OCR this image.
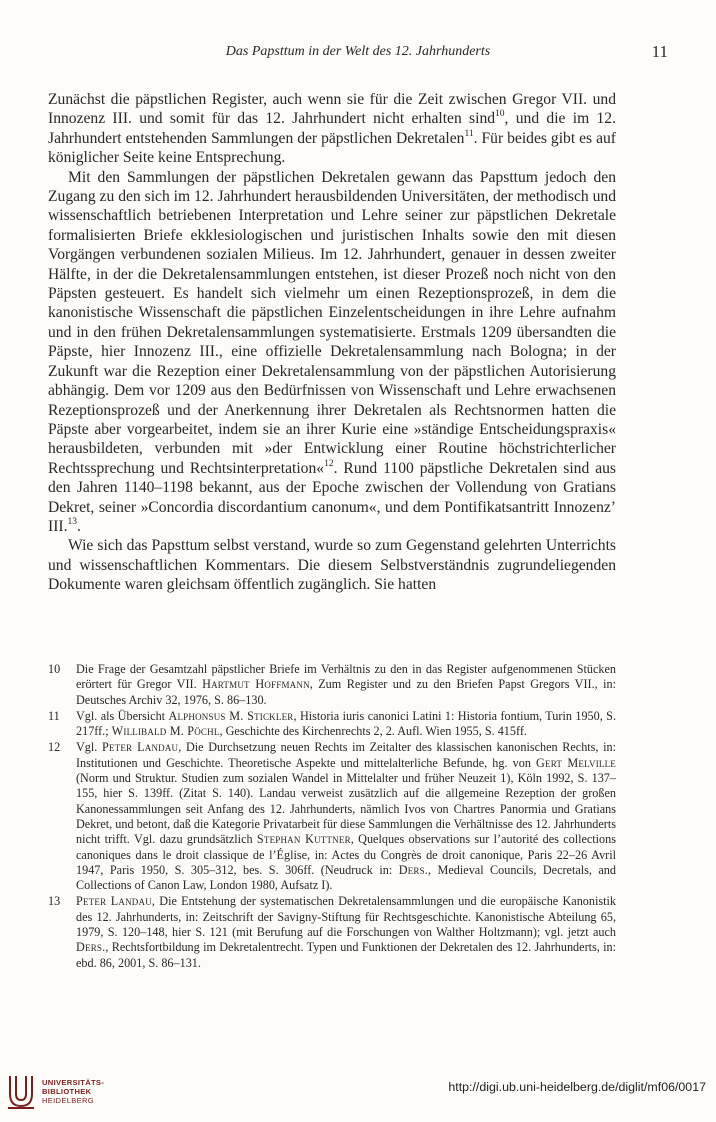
Das Papsttum in der Welt des 12. Jahrhunderts	11

Zunächst die päpstlichen Register, auch wenn sie für die Zeit zwischen Gregor VII. und Innozenz III. und somit für das 12. Jahrhundert nicht erhalten sind$^{10}$, und die im 12. Jahrhundert entstehenden Sammlungen der päpstlichen Dekretalen$^{11}$. Für beides gibt es auf königlicher Seite keine Entsprechung.

Mit den Sammlungen der päpstlichen Dekretalen gewann das Papsttum jedoch den Zugang zu den sich im 12. Jahrhundert herausbildenden Universitäten, der methodisch und wissenschaftlich betriebenen Interpretation und Lehre seiner zur päpstlichen Dekretale formalisierten Briefe ekklesiologischen und juristischen Inhalts sowie den mit diesen Vorgängen verbundenen sozialen Milieus. Im 12. Jahrhundert, genauer in dessen zweiter Hälfte, in der die Dekretalensammlungen entstehen, ist dieser Prozeß noch nicht von den Päpsten gesteuert. Es handelt sich vielmehr um einen Rezeptionsprozeß, in dem die kanonistische Wissenschaft die päpstlichen Einzelentscheidungen in ihre Lehre aufnahm und in den frühen Dekretalensammlungen systematisierte. Erstmals 1209 übersandten die Päpste, hier Innozenz III., eine offizielle Dekretalensammlung nach Bologna; in der Zukunft war die Rezeption einer Dekretalensammlung von der päpstlichen Autorisierung abhängig. Dem vor 1209 aus den Bedürfnissen von Wissenschaft und Lehre erwachsenen Rezeptionsprozeß und der Anerkennung ihrer Dekretalen als Rechtsnormen hatten die Päpste aber vorgearbeitet, indem sie an ihrer Kurie eine »ständige Entscheidungspraxis« herausbildeten, verbunden mit »der Entwicklung einer Routine höchstrichterlicher Rechtssprechung und Rechtsinterpretation«$^{12}$. Rund 1100 päpstliche Dekretalen sind aus den Jahren 1140–1198 bekannt, aus der Epoche zwischen der Vollendung von Gratians Dekret, seiner »Concordia discordantium canonum«, und dem Pontifikatsantritt Innozenz’ III.$^{13}$.

Wie sich das Papsttum selbst verstand, wurde so zum Gegenstand gelehrten Unterrichts und wissenschaftlichen Kommentars. Die diesem Selbstverständnis zugrundeliegenden Dokumente waren gleichsam öffentlich zugänglich. Sie hatten

10 Die Frage der Gesamtzahl päpstlicher Briefe im Verhältnis zu den in das Register aufgenommenen Stücken erörtert für Gregor VII. Hartmut Hoffmann, Zum Register und zu den Briefen Papst Gregors VII., in: Deutsches Archiv 32, 1976, S. 86–130.
11 Vgl. als Übersicht Alphonsus M. Stickler, Historia iuris canonici Latini 1: Historia fontium, Turin 1950, S. 217ff.; Willibald M. Pöchl, Geschichte des Kirchenrechts 2, 2. Aufl. Wien 1955, S. 415ff.
12 Vgl. Peter Landau, Die Durchsetzung neuen Rechts im Zeitalter des klassischen kanonischen Rechts, in: Institutionen und Geschichte. Theoretische Aspekte und mittelalterliche Befunde, hg. von Gert Melville (Norm und Struktur. Studien zum sozialen Wandel in Mittelalter und früher Neuzeit 1), Köln 1992, S. 137–155, hier S. 139ff. (Zitat S. 140). Landau verweist zusätzlich auf die allgemeine Rezeption der großen Kanonessammlungen seit Anfang des 12. Jahrhunderts, nämlich Ivos von Chartres Panormia und Gratians Dekret, und betont, daß die Kategorie Privatarbeit für diese Sammlungen die Verhältnisse des 12. Jahrhunderts nicht trifft. Vgl. dazu grundsätzlich Stephan Kuttner, Quelques observations sur l’autorité des collections canoniques dans le droit classique de l’Église, in: Actes du Congrès de droit canonique, Paris 22–26 Avril 1947, Paris 1950, S. 305–312, bes. S. 306ff. (Neudruck in: Ders., Medieval Councils, Decretals, and Collections of Canon Law, London 1980, Aufsatz I).
13 Peter Landau, Die Entstehung der systematischen Dekretalensammlungen und die europäische Kanonistik des 12. Jahrhunderts, in: Zeitschrift der Savigny-Stiftung für Rechtsgeschichte. Kanonistische Abteilung 65, 1979, S. 120–148, hier S. 121 (mit Berufung auf die Forschungen von Walther Holtzmann); vgl. jetzt auch Ders., Rechtsfortbildung im Dekretalentrecht. Typen und Funktionen der Dekretalen des 12. Jahrhunderts, in: ebd. 86, 2001, S. 86–131.
UNIVERSITÄTS-
BIBLIOTHEK
HEIDELBERG
http://digi.ub.uni-heidelberg.de/diglit/mf06/0017
